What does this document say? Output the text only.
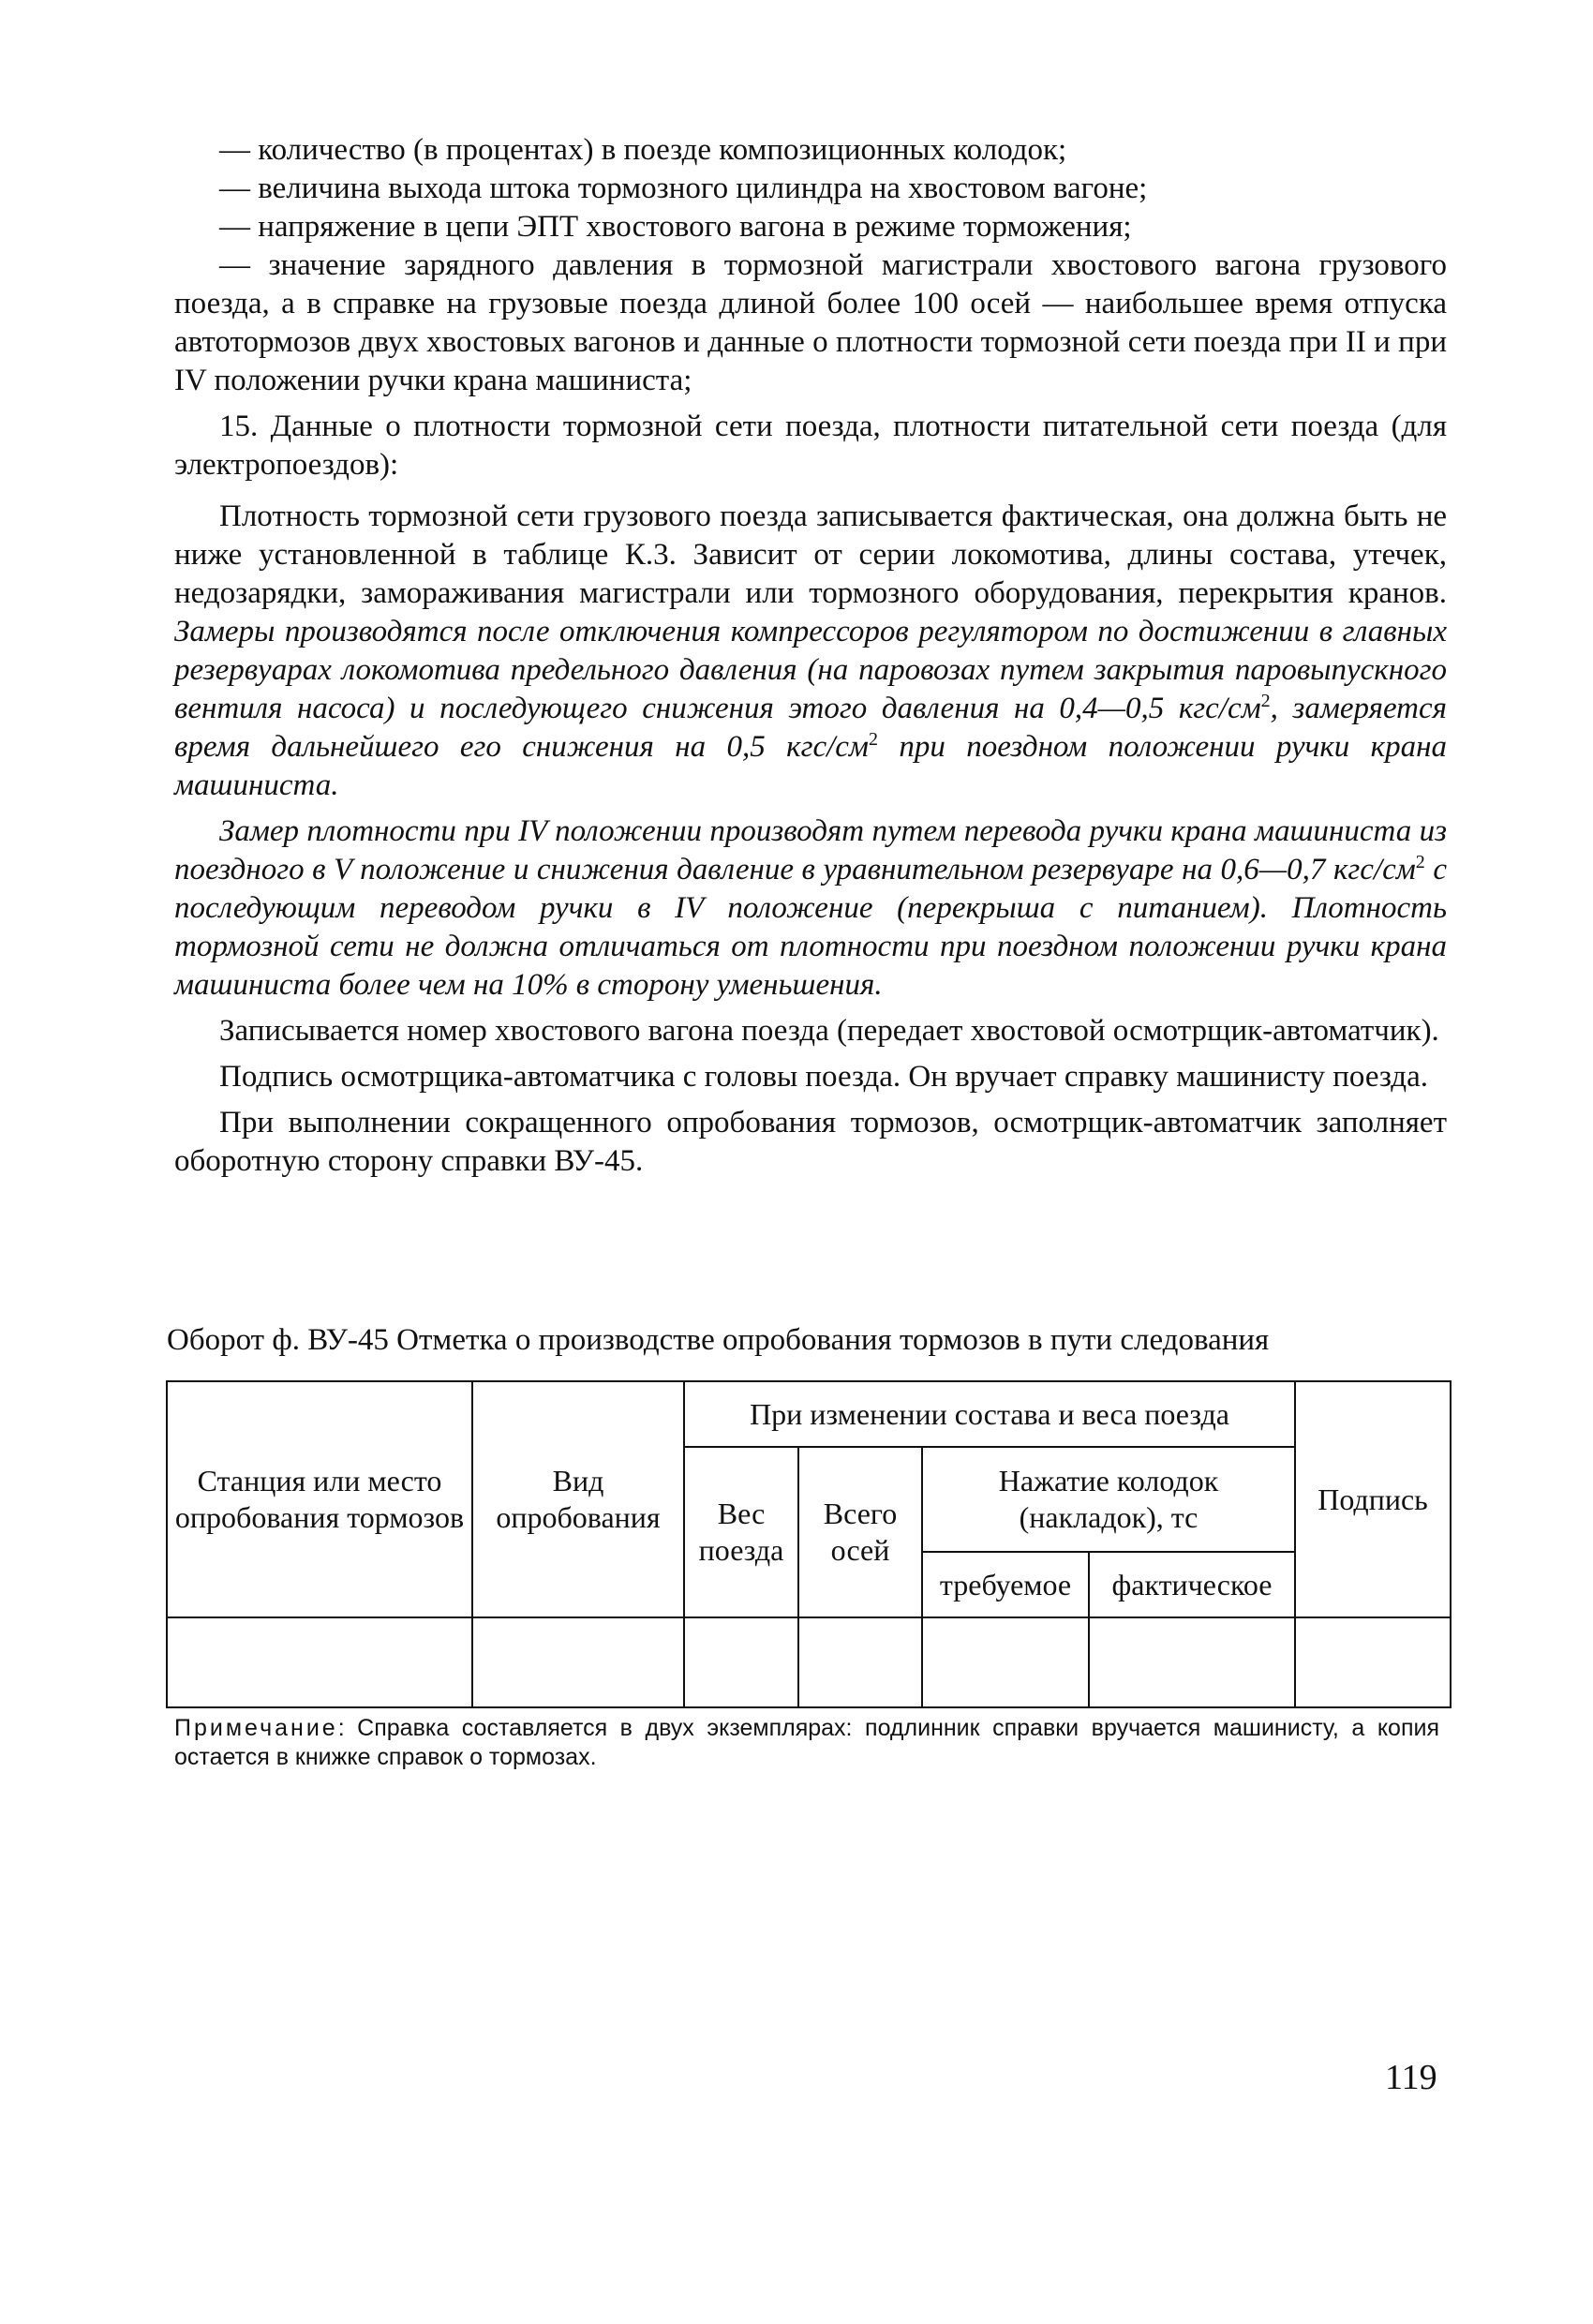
— количество (в процентах) в поезде композиционных колодок;

— величина выхода штока тормозного цилиндра на хвостовом вагоне;

— напряжение в цепи ЭПТ хвостового вагона в режиме торможения;

— значение зарядного давления в тормозной магистрали хвостового вагона грузового поезда, а в справке на грузовые поезда длиной более 100 осей — наибольшее время отпуска автотормозов двух хвостовых вагонов и данные о плотности тормозной сети поезда при II и при IV положении ручки крана машиниста;

15. Данные о плотности тормозной сети поезда, плотности питательной сети поезда (для электропоездов):

Плотность тормозной сети грузового поезда записывается фактическая, она должна быть не ниже установленной в таблице К.3. Зависит от серии локомотива, длины состава, утечек, недозарядки, замораживания магистрали или тормозного оборудования, перекрытия кранов. Замеры производятся после отключения компрессоров регулятором по достижении в главных резервуарах локомотива предельного давления (на паровозах путем закрытия паровыпускного вентиля насоса) и последующего снижения этого давления на 0,4—0,5 кгс/$см^2$, замеряется время дальнейшего его снижения на 0,5 кгс/$см^2$ при поездном положении ручки крана машиниста.

Замер плотности при IV положении производят путем перевода ручки крана машиниста из поездного в V положение и снижения давление в уравнительном резервуаре на 0,6—0,7 кгс/$см^2$ с последующим переводом ручки в IV положение (перекрыша с питанием). Плотность тормозной сети не должна отличаться от плотности при поездном положении ручки крана машиниста более чем на 10% в сторону уменьшения.

Записывается номер хвостового вагона поезда (передает хвостовой осмотрщик-автоматчик).

Подпись осмотрщика-автоматчика с головы поезда. Он вручает справку машинисту поезда.

При выполнении сокращенного опробования тормозов, осмотрщик-автоматчик заполняет оборотную сторону справки ВУ-45.

Оборот ф. ВУ-45 Отметка о производстве опробования тормозов в пути следования
Станция или место опробования тормозов	Вид опробования	При изменении состава и веса поезда				Подпись
		Вес поезда	Всего осей	Нажатие колодок (накладок), тс		
				требуемое	фактическое	

Примечание: Справка составляется в двух экземплярах: подлинник справки вручается машинисту, а копия остается в книжке справок о тормозах.
119
